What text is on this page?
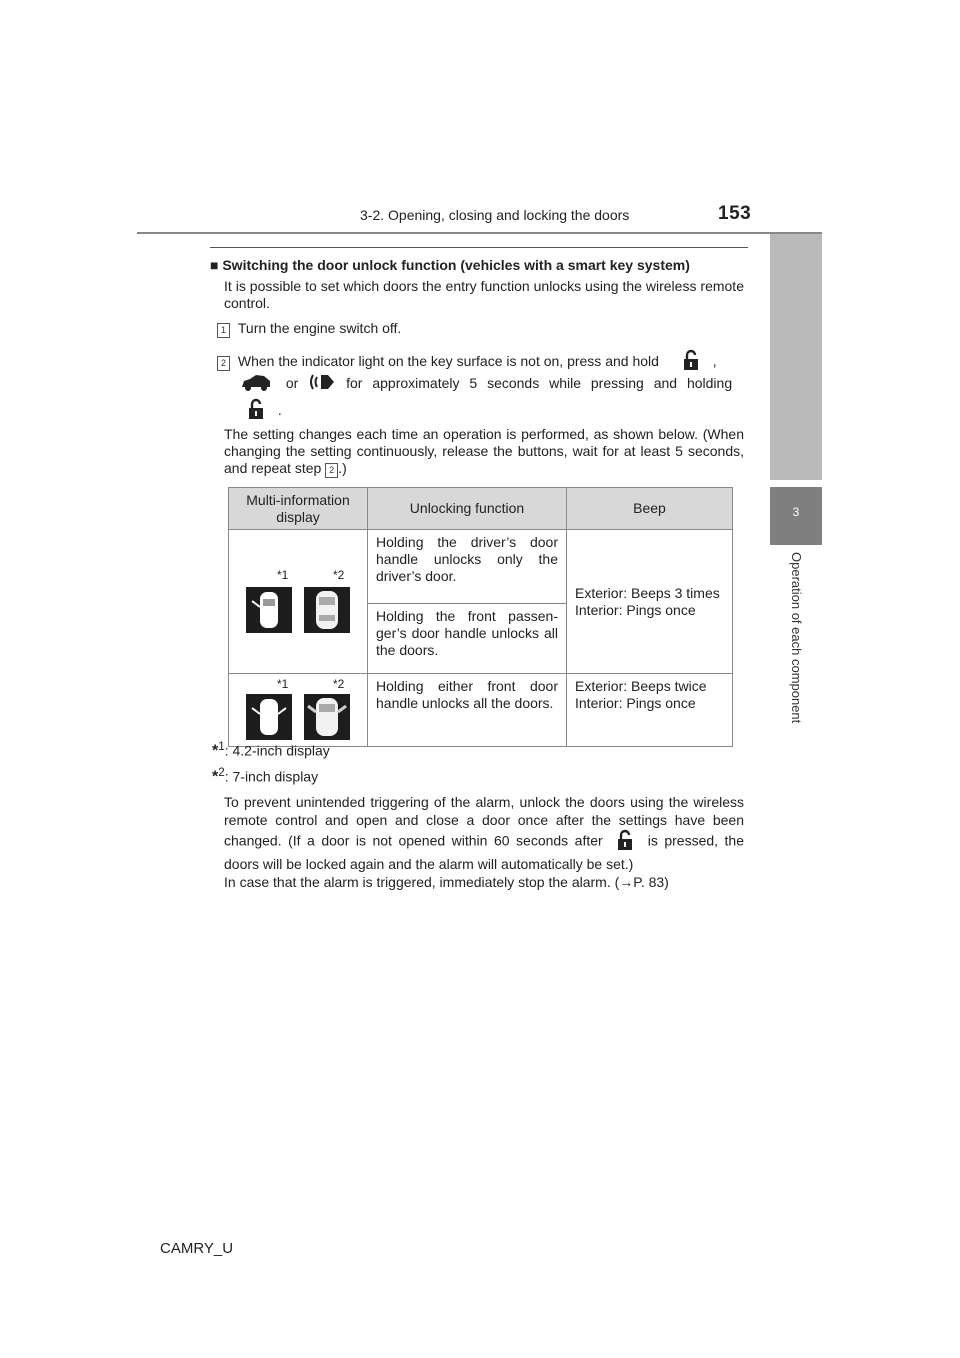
3-2. Opening, closing and locking the doors	153
3
Operation of each component
■ Switching the door unlock function (vehicles with a smart key system)
It is possible to set which doors the entry function unlocks using the wireless remote control.
1 Turn the engine switch off.
2 When the indicator light on the key surface is not on, press and hold	,
or	for approximately 5 seconds while pressing and holding
.
The setting changes each time an operation is performed, as shown below. (When changing the setting continuously, release the buttons, wait for at least 5 seconds, and repeat step 2 .)
Multi-information display	Unlocking function	Beep

*1 *2	Holding the driver’s door handle unlocks only the driver’s door.	Exterior: Beeps 3 times Interior: Pings once
	Holding the front passen-ger’s door handle unlocks all the doors.	

*1 *2	Holding either front door handle unlocks all the doors.	Exterior: Beeps twice Interior: Pings once
*$^1$: 4.2-inch display
*$^2$: 7-inch display
To prevent unintended triggering of the alarm, unlock the doors using the wireless remote control and open and close a door once after the settings have been changed. (If a door is not opened within 60 seconds after	is pressed, the doors will be locked again and the alarm will automatically be set.)
In case that the alarm is triggered, immediately stop the alarm. (→P. 83)
CAMRY_U
